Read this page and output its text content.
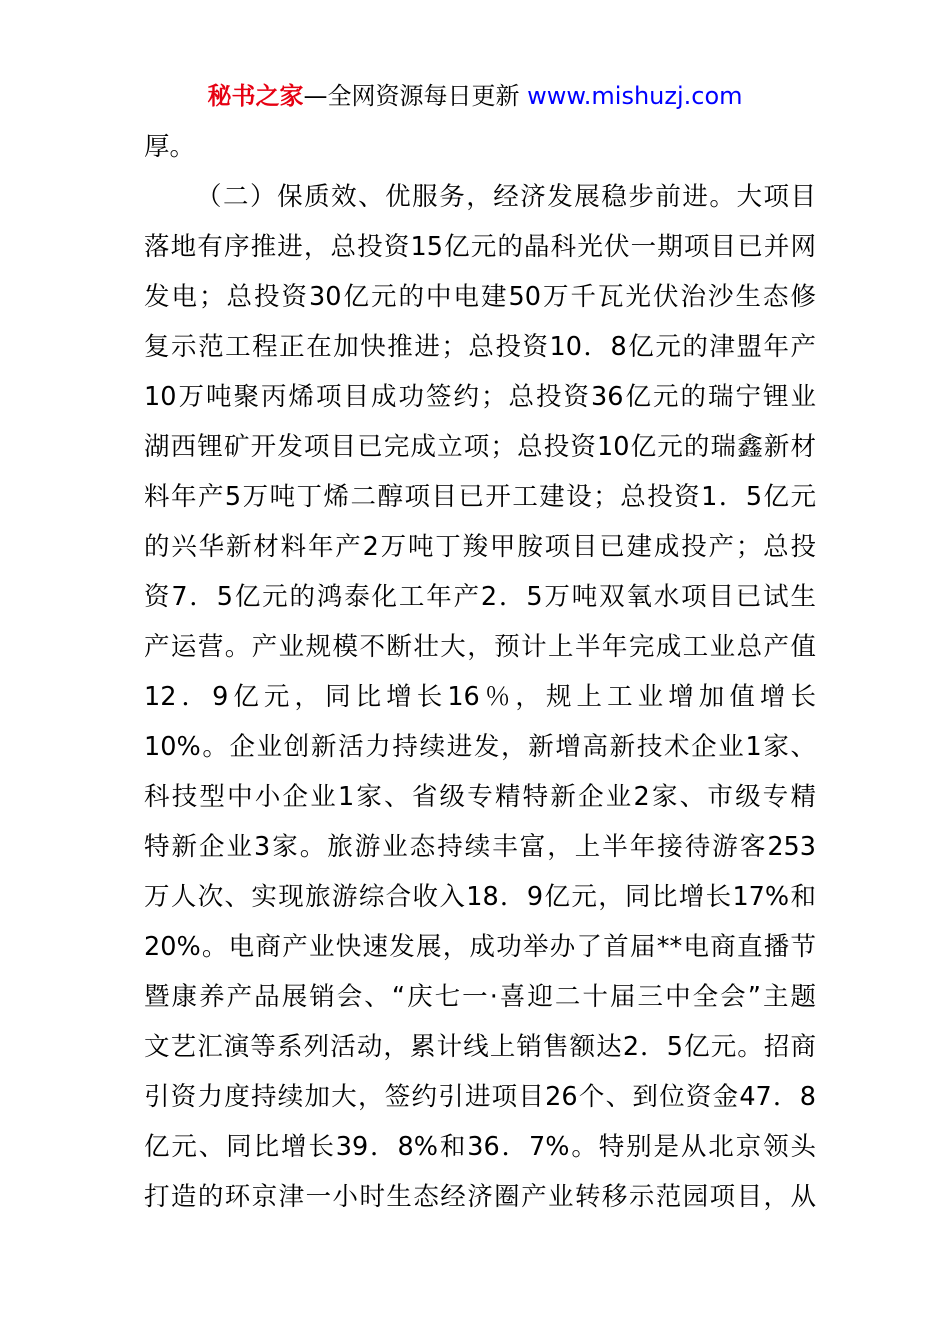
秘书之家—全网资源每日更新 www.mishuzj.com
厚。
（二）保质效、优服务，经济发展稳步前进。大项目
落地有序推进，总投资15亿元的晶科光伏一期项目已并网
发电；总投资30亿元的中电建50万千瓦光伏治沙生态修
复示范工程正在加快推进；总投资10．8亿元的津盟年产
10万吨聚丙烯项目成功签约；总投资36亿元的瑞宁锂业
湖西锂矿开发项目已完成立项；总投资10亿元的瑞鑫新材
料年产5万吨丁烯二醇项目已开工建设；总投资1．5亿元
的兴华新材料年产2万吨丁羧甲胺项目已建成投产；总投
资7．5亿元的鸿泰化工年产2．5万吨双氧水项目已试生
产运营。产业规模不断壮大，预计上半年完成工业总产值
12．9亿元，同比增长16％，规上工业增加值增长
10%。企业创新活力持续进发，新增高新技术企业1家、
科技型中小企业1家、省级专精特新企业2家、市级专精
特新企业3家。旅游业态持续丰富，上半年接待游客253
万人次、实现旅游综合收入18．9亿元，同比增长17%和
20%。电商产业快速发展，成功举办了首届**电商直播节
暨康养产品展销会、“庆七一·喜迎二十届三中全会”主题
文艺汇演等系列活动，累计线上销售额达2．5亿元。招商
引资力度持续加大，签约引进项目26个、到位资金47．8
亿元、同比增长39．8%和36．7%。特别是从北京领头
打造的环京津一小时生态经济圈产业转移示范园项目，从
